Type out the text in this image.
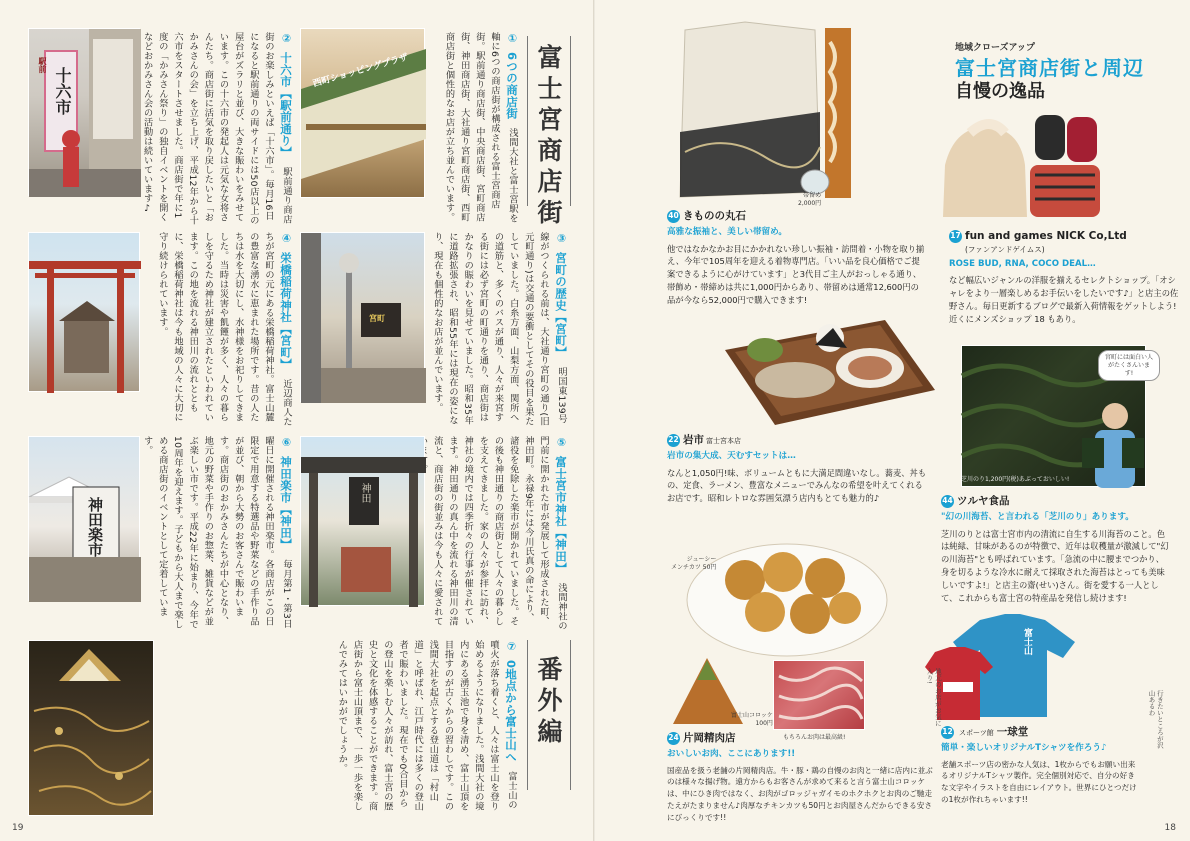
富士宮商店街
番外編
① 6つの商店街 浅間大社と富士宮駅を軸に6つの商店街が構成される富士宮商店街。駅前通り商店街、中央商店街、宮町商店街、神田商店街、大社通り宮町商店街、西町商店街と個性的なお店が立ち並んでいます。
② 十六市【駅前通り】 駅前通り商店街のお楽しみといえば「十六市」。毎月16日になると駅前通りの両サイドには50店以上の屋台がズラリと並び、大きな賑わいをみせています。この十六市の発起人は元気な女将さんたち。商店街に活気を取り戻したいと「おかみさんの会」を立ち上げ、平成12年から十六市をスタートさせました。商店街で年に1度の「かみさん祭り」の独自イベントを開くなどおかみさん会の活動は続いています♪
③ 宮町の歴史【宮町】 明国東139号線がつくられる前は、大社通り宮町の通り(旧元町通り)は交通の要衝としてその役目を果たしていました。白糸方面、山梨方面、関所への道筋と、多くのバスが通り、人々が来宮する街には必ず宮町の町通りを通り、商店街はかなりの賑わいを見せていました。昭和35年に道路拡張され、昭和55年には現在の姿になり、現在も個性的なお店が並んでいます。
④ 栄橋稲荷神社【宮町】 近辺商人たちが宮町の元にある栄橋稲荷神社。富士山麓の豊富な湧水に恵まれた場所です。昔の人たちは水を大切にし、水神様をお祀りしてきました。当時は災害や飢饉が多く、人々の暮らしを守るため神社が建立されたといわれています。この地を流れる神田川の流れとともに、栄橋稲荷神社は今も地域の人々に大切に守り続けられています。
⑤ 富士宮市神社【神田】 浅間神社の門前に開かれた市が発展して形成された町、神田町。永禄9年には今川氏真の命により、諸役を免除した楽市が開かれていました。その後も神田通りの商店街として人々の暮らしを支えてきました。家の人々が参拝に訪れ、神社の境内では四季折々の行事が催されています。神田通りの真ん中を流れる神田川の清流と、商店街の街並みは今も人々に愛されて
⑥ 神田楽市【神田】 毎月第1・第3日曜日に開催される神田楽市。各商店がこの日限定で用意する特選品や野菜などの手作り品が並び、朝から大勢のお客さんで賑わいます。商店街のおかみさんたちが中心となり、地元の野菜や手作りのお惣菜、雑貨などが並ぶ楽しい市です。平成22年に始まり、今年で10周年を迎えます。子どもから大人まで楽しめる商店街のイベントとして定着しています。
⑦ 0地点から富士山へ 富士山の噴火が落ち着くと、人々は富士山を登り始めるようになりました。浅間大社の境内にある湧玉池で身を清め、富士山頂を目指すのが古くからの習わしです。この浅間大社を起点とする登山道は「村山道」と呼ばれ、江戸時代には多くの登山者で賑わいました。現在でも0合目からの登山を楽しむ人々が訪れ、富士宮の歴史と文化を体感することができます。商店街から富士山頂まで、一歩一歩を楽しんでみてはいかがでしょうか。
十六市
駅前	西町ショッピングプラザ
宮町
神田
神田楽市
19
地域クローズアップ
富士宮商店街と周辺
自慢の逸品
帯留め
2,000円
40 きものの丸石
高雅な振袖と、美しい帯留め。
他ではなかなかお目にかかれない珍しい振袖・訪問着・小物を取り揃え、今年で105周年を迎える着物専門店。「いい品を良心価格でご提案できるように心がけています」と3代目ご主人がおっしゃる通り、帯飾め・帯締めは共に1,000円からあり、帯留めは通常12,600円の品が今なら52,000円で購入できます!
17 fun and games NICK Co,Ltd
(ファンアンドゲイムス)
ROSE BUD, RNA, COCO DEAL…
など幅広いジャンルの洋服を揃えるセレクトショップ。「オシャレをより一層楽しめるお手伝いをしたいです♪」と店主の佐野さん。毎日更新するブログで最新入荷情報をゲットしよう! 近くにメンズショップ 18 もあり。
22 岩市 富士宮本店
岩市の集大成、天むすセットは…
なんと1,050円!味、ボリュームともに大満足間違いなし。蕎麦、丼もの、定食、ラーメン、豊富なメニューでみんなの希望を叶えてくれるお店です。昭和レトロな雰囲気漂う店内もとても魅力的♪
宮町には面白い人がたくさんいます!
芝川のり1,200円(税)あぶっておいしい!
44 ツルヤ食品
"幻の川海苔、と言われる「芝川のり」あります。
芝川のりとは富士宮市内の清流に自生する川海苔のこと。色は純緑、甘味があるのが特徴で、近年は収穫量が激減して"幻の川海苔"とも呼ばれています。「急流の中に腰までつかり、身を切るような冷水に耐えて採取された海苔はとっても美味しいですよ!」と店主の齋(せい)さん。街を愛する一人として、これからも富士宮の特産品を発信し続けます!
ジューシー
メンチカツ 50円
富士山コロッケ
100円
もちろんお肉は最高級!
24 片岡精肉店
おいしいお肉、ここにあります!!
国産品を扱う老舗の片岡精肉店。牛・豚・鶏の自慢のお肉と一緒に店内に並ぶのは様々な揚げ物。遠方からもお客さんが求めて来ると言う富士山コロッケは、中にひき肉ではなく、お肉がゴロッジャガイモのホクホクとお肉のご馳走たえがたまりません♪肉厚なチキンカツも50円とお肉屋さんだからできる安さにびっくりです!!
富士山
地元のお店がお気に入り!
行きたいところが沢山あるわ
12 スポーツ館 一球堂
簡単・楽しいオリジナルTシャツを作ろう♪
老舗スポーツ店の密かな人気は、1枚からでもお願い出来るオリジナルTシャツ製作。完全個別対応で、自分の好きな文字やイラストを自由にレイアウト。世界にひとつだけの1枚が作れちゃいます!!
18
